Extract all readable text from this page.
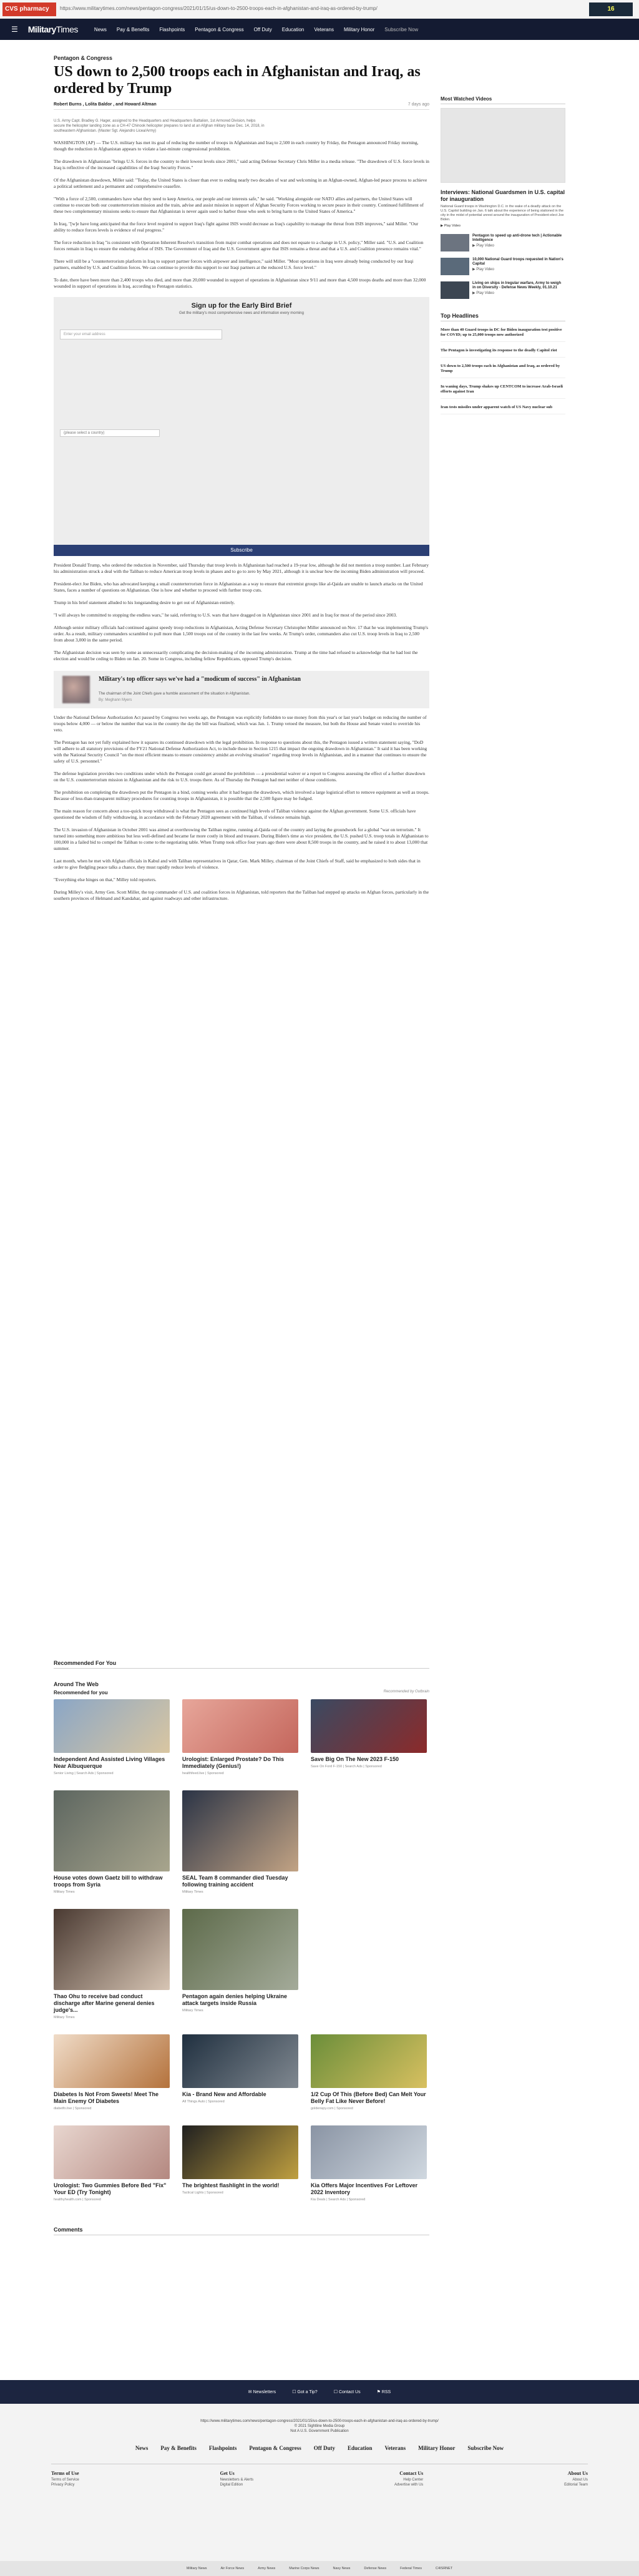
CVS pharmacy	https://www.militarytimes.com/news/pentagon-congress/2021/01/15/us-down-to-2500-troops-each-in-afghanistan-and-iraq-as-ordered-by-trump/	16
☰ MilitaryTimes	News Pay & Benefits Flashpoints Pentagon & Congress Off Duty Education Veterans Military Honor Subscribe Now
Pentagon & Congress
US down to 2,500 troops each in Afghanistan and Iraq, as ordered by Trump
Robert Burns , Lolita Baldor , and Howard Altman	7 days ago
U.S. Army Capt. Bradley G. Hager, assigned to the Headquarters and Headquarters Battalion, 1st Armored Division, helps secure the helicopter landing zone as a CH-47 Chinook helicopter prepares to land at an Afghan military base Dec. 14, 2018, in southeastern Afghanistan. (Master Sgt. Alejandro Licea/Army)

WASHINGTON (AP) — The U.S. military has met its goal of reducing the number of troops in Afghanistan and Iraq to 2,500 in each country by Friday, the Pentagon announced Friday morning, though the reduction in Afghanistan appears to violate a last-minute congressional prohibition.

The drawdown in Afghanistan "brings U.S. forces in the country to their lowest levels since 2001," said acting Defense Secretary Chris Miller in a media release. "The drawdown of U.S. force levels in Iraq is reflective of the increased capabilities of the Iraqi Security Forces."

Of the Afghanistan drawdown, Miller said: "Today, the United States is closer than ever to ending nearly two decades of war and welcoming in an Afghan-owned, Afghan-led peace process to achieve a political settlement and a permanent and comprehensive ceasefire.

"With a force of 2,500, commanders have what they need to keep America, our people and our interests safe," he said. "Working alongside our NATO allies and partners, the United States will continue to execute both our counterterrorism mission and the train, advise and assist mission in support of Afghan Security Forces working to secure peace in their country. Continued fulfillment of these two complementary missions seeks to ensure that Afghanistan is never again used to harbor those who seek to bring harm to the United States of America."

In Iraq, "[w]e have long anticipated that the force level required to support Iraq's fight against ISIS would decrease as Iraq's capability to manage the threat from ISIS improves," said Miller. "Our ability to reduce forces levels is evidence of real progress."

The force reduction in Iraq "is consistent with Operation Inherent Resolve's transition from major combat operations and does not equate to a change in U.S. policy," Miller said. "U.S. and Coalition forces remain in Iraq to ensure the enduring defeat of ISIS. The Government of Iraq and the U.S. Government agree that ISIS remains a threat and that a U.S. and Coalition presence remains vital."

There will still be a "counterterrorism platform in Iraq to support partner forces with airpower and intelligence," said Miller. "Most operations in Iraq were already being conducted by our Iraqi partners, enabled by U.S. and Coalition forces. We can continue to provide this support to our Iraqi partners at the reduced U.S. force level."

To date, there have been more than 2,400 troops who died, and more than 20,000 wounded in support of operations in Afghanistan since 9/11 and more than 4,500 troops deaths and more than 32,000 wounded in support of operations in Iraq, according to Pentagon statistics.

Sign up for the Early Bird Brief
Get the military's most comprehensive news and information every morning
Enter your email address
(please select a country)
Subscribe

President Donald Trump, who ordered the reduction in November, said Thursday that troop levels in Afghanistan had reached a 19-year low, although he did not mention a troop number. Last February his administration struck a deal with the Taliban to reduce American troop levels in phases and to go to zero by May 2021, although it is unclear how the incoming Biden administration will proceed.

President-elect Joe Biden, who has advocated keeping a small counterterrorism force in Afghanistan as a way to ensure that extremist groups like al-Qaida are unable to launch attacks on the United States, faces a number of questions on Afghanistan. One is how and whether to proceed with further troop cuts.

Trump in his brief statement alluded to his longstanding desire to get out of Afghanistan entirely.

"I will always be committed to stopping the endless wars," he said, referring to U.S. wars that have dragged on in Afghanistan since 2001 and in Iraq for most of the period since 2003.

Although senior military officials had continued against speedy troop reductions in Afghanistan, Acting Defense Secretary Christopher Miller announced on Nov. 17 that he was implementing Trump's order. As a result, military commanders scrambled to pull more than 1,500 troops out of the country in the last few weeks. At Trump's order, commanders also cut U.S. troop levels in Iraq to 2,500 from about 3,000 in the same period.

The Afghanistan decision was seen by some as unnecessarily complicating the decision-making of the incoming administration. Trump at the time had refused to acknowledge that he had lost the election and would be ceding to Biden on Jan. 20. Some in Congress, including fellow Republicans, opposed Trump's decision.

Military's top officer says we've had a "modicum of success" in Afghanistan
The chairman of the Joint Chiefs gave a humble assessment of the situation in Afghanistan.
By: Meghann Myers

Under the National Defense Authorization Act passed by Congress two weeks ago, the Pentagon was explicitly forbidden to use money from this year's or last year's budget on reducing the number of troops below 4,000 — or below the number that was in the country the day the bill was finalized, which was Jan. 1. Trump vetoed the measure, but both the House and Senate voted to override his veto.

The Pentagon has not yet fully explained how it squares its continued drawdown with the legal prohibition. In response to questions about this, the Pentagon issued a written statement saying, "DoD will adhere to all statutory provisions of the FY21 National Defense Authorization Act, to include those in Section 1215 that impact the ongoing drawdown in Afghanistan." It said it has been working with the National Security Council "on the most efficient means to ensure consistency amidst an evolving situation" regarding troop levels in Afghanistan, and in a manner that continues to ensure the safety of U.S. personnel."

The defense legislation provides two conditions under which the Pentagon could get around the prohibition — a presidential waiver or a report to Congress assessing the effect of a further drawdown on the U.S. counterterrorism mission in Afghanistan and the risk to U.S. troops there. As of Thursday the Pentagon had met neither of those conditions.

The prohibition on completing the drawdown put the Pentagon in a bind, coming weeks after it had begun the drawdown, which involved a large logistical effort to remove equipment as well as troops. Because of less-than-transparent military procedures for counting troops in Afghanistan, it is possible that the 2,500 figure may be fudged.

The main reason for concern about a too-quick troop withdrawal is what the Pentagon sees as continued high levels of Taliban violence against the Afghan government. Some U.S. officials have questioned the wisdom of fully withdrawing, in accordance with the February 2020 agreement with the Taliban, if violence remains high.

The U.S. invasion of Afghanistan in October 2001 was aimed at overthrowing the Taliban regime, running al-Qaida out of the country and laying the groundwork for a global "war on terrorism." It turned into something more ambitious but less well-defined and became far more costly in blood and treasure. During Biden's time as vice president, the U.S. pushed U.S. troop totals in Afghanistan to 100,000 in a failed bid to compel the Taliban to come to the negotiating table. When Trump took office four years ago there were about 8,500 troops in the country, and he raised it to about 13,000 that summer.

Last month, when he met with Afghan officials in Kabul and with Taliban representatives in Qatar, Gen. Mark Milley, chairman of the Joint Chiefs of Staff, said he emphasized to both sides that in order to give fledgling peace talks a chance, they must rapidly reduce levels of violence.

"Everything else hinges on that," Milley told reporters.

During Milley's visit, Army Gen. Scott Miller, the top commander of U.S. and coalition forces in Afghanistan, told reporters that the Taliban had stepped up attacks on Afghan forces, particularly in the southern provinces of Helmand and Kandahar, and against roadways and other infrastructure.

Most Watched Videos
Interviews: National Guardsmen in U.S. capital for inauguration
National Guard troops in Washington D.C. in the wake of a deadly attack on the U.S. Capitol building on Jan. 6 talk about the experience of being stationed in the city in the midst of potential unrest around the inauguration of President-elect Joe Biden.
▶ Play Video
Pentagon to speed up anti-drone tech | Actionable Intelligence
▶ Play Video
10,000 National Guard troops requested in Nation's Capital
▶ Play Video
Living on ships in Iregular warfare, Army to weigh in on Diversity - Defense News Weekly, 01.10.21
▶ Play Video
Top Headlines
More than 40 Guard troops in DC for Biden inauguration test positive for COVID; up to 25,000 troops now authorized
The Pentagon is investigating its response to the deadly Capitol riot
US down to 2,500 troops each in Afghanistan and Iraq, as ordered by Trump
In waning days, Trump shakes up CENTCOM to increase Arab-Israeli efforts against Iran
Iran tests missiles under apparent watch of US Navy nuclear sub
Recommended For You
Around The Web
Recommended for you	Recommended by Outbrain
Independent And Assisted Living Villages Near Albuquerque
Senior Living | Search Ads | Sponsored
Urologist: Enlarged Prostate? Do This Immediately (Genius!)
healthfeed.live | Sponsored
Save Big On The New 2023 F-150
Save On Ford F-150 | Search Ads | Sponsored
House votes down Gaetz bill to withdraw troops from Syria
Military Times
SEAL Team 8 commander died Tuesday following training accident
Military Times
Thao Ohu to receive bad conduct discharge after Marine general denies judge's...
Military Times
Pentagon again denies helping Ukraine attack targets inside Russia
Military Times
Diabetes Is Not From Sweets! Meet The Main Enemy Of Diabetes
diabetfo.live | Sponsored
Kia - Brand New and Affordable
All Things Auto | Sponsored
1/2 Cup Of This (Before Bed) Can Melt Your Belly Fat Like Never Before!
goldenspy.com | Sponsored
Urologist: Two Gummies Before Bed "Fix" Your ED (Try Tonight)
healthyhealth.com | Sponsored
The brightest flashlight in the world!
Tactical Lights | Sponsored
Kia Offers Major Incentives For Leftover 2022 Inventory
Kia Deals | Search Ads | Sponsored
Comments
✉ Newsletters	☐ Got a Tip?	☐ Contact Us	⚑ RSS
https://www.militarytimes.com/news/pentagon-congress/2021/01/15/us-down-to-2500-troops-each-in-afghanistan-and-iraq-as-ordered-by-trump/
© 2021 Sightline Media Group
Not A U.S. Government Publication
News Pay & Benefits Flashpoints Pentagon & Congress Off Duty Education Veterans Military Honor Subscribe Now
Terms of Use
Terms of Service
Privacy Policy
Get Us
Newsletters & Alerts
Digital Edition
Contact Us
Help Center
Advertise with Us
About Us
About Us
Editorial Team
Military News	Air Force News	Army News	Marine Corps News	Navy News	Defense News	Federal Times	C4ISRNET
